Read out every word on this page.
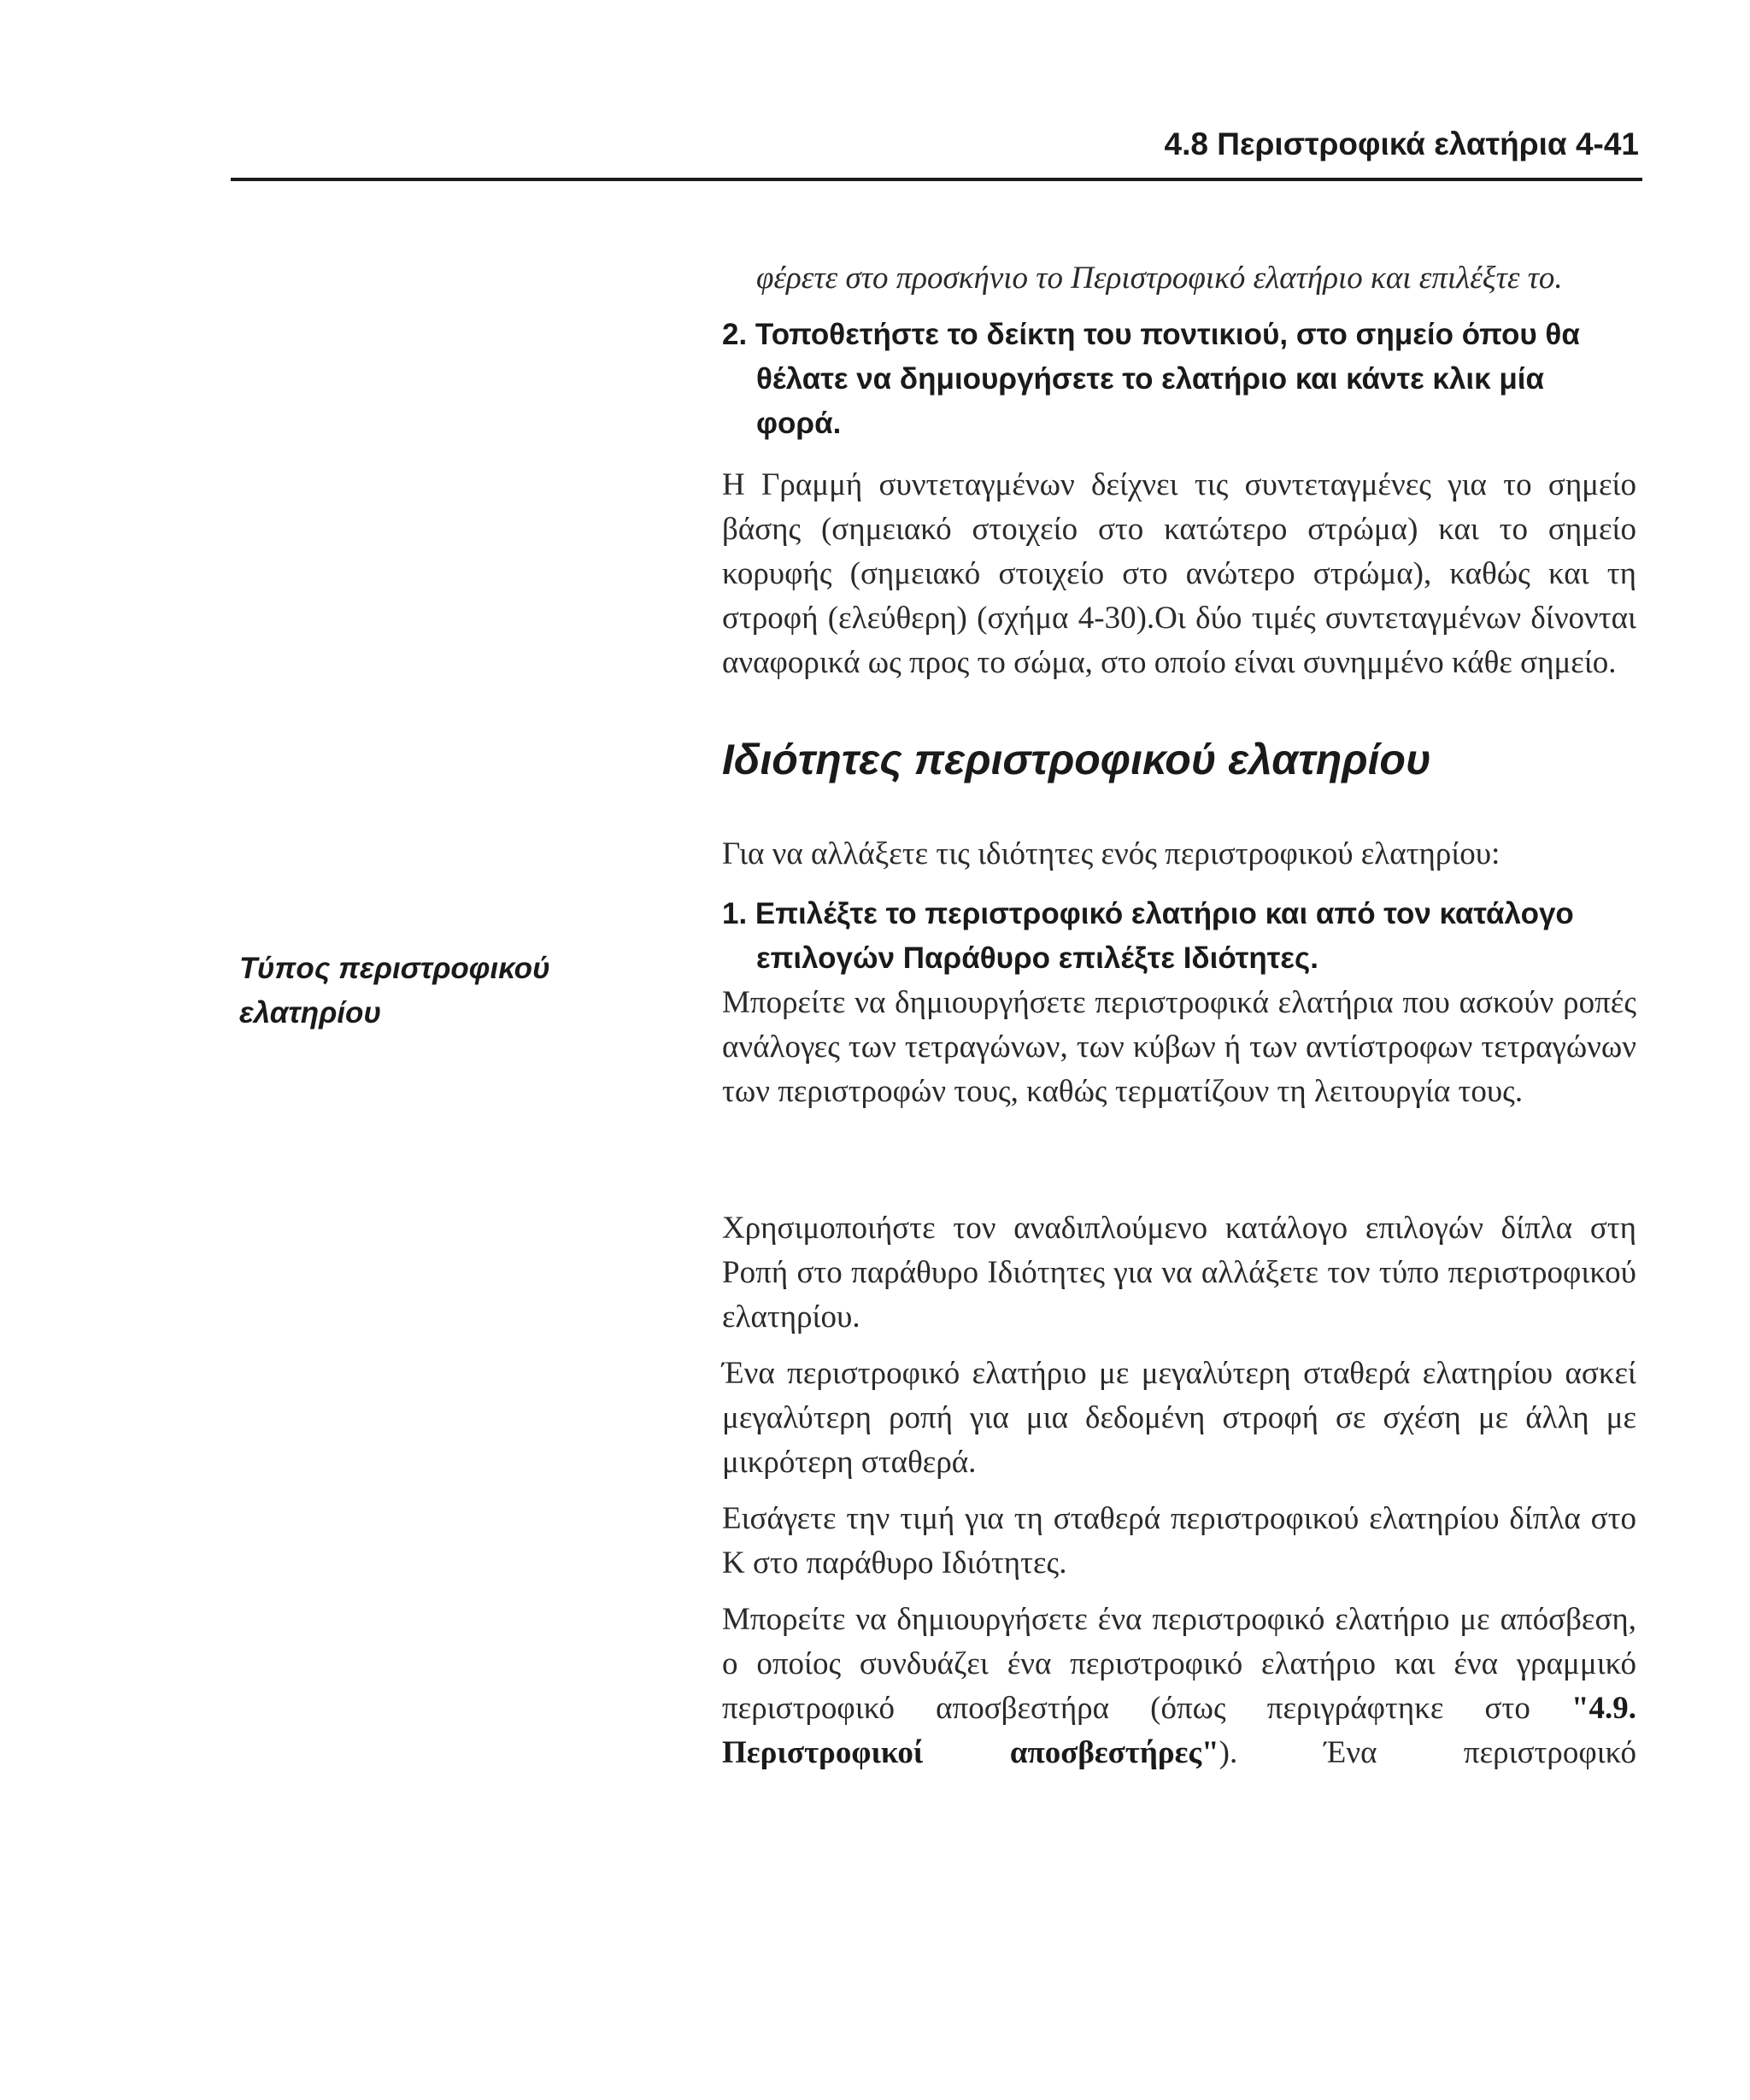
4.8 Περιστροφικά ελατήρια 4-41
Τύπος περιστροφικού
ελατηρίου

φέρετε στο προσκήνιο το Περιστροφικό ελατήριο και επιλέξτε το.

2. Τοποθετήστε το δείκτη του ποντικιού, στο σημείο όπου θα θέλατε να δημιουργήσετε το ελατήριο και κάντε κλικ μία φορά.

Η Γραμμή συντεταγμένων δείχνει τις συντεταγμένες για το σημείο βάσης (σημειακό στοιχείο στο κατώτερο στρώμα) και το σημείο κορυφής (σημειακό στοιχείο στο ανώτερο στρώμα), καθώς και τη στροφή (ελεύθερη) (σχήμα 4-30).Οι δύο τιμές συντεταγμένων δίνονται αναφορικά ως προς το σώμα, στο οποίο είναι συνημμένο κάθε σημείο.

Ιδιότητες περιστροφικού ελατηρίου

Για να αλλάξετε τις ιδιότητες ενός περιστροφικού ελατηρίου:

1. Επιλέξτε το περιστροφικό ελατήριο και από τον κατάλογο επιλογών Παράθυρο επιλέξτε Ιδιότητες.

Μπορείτε να δημιουργήσετε περιστροφικά ελατήρια που ασκούν ροπές ανάλογες των τετραγώνων, των κύβων ή των αντίστροφων τετραγώνων των περιστροφών τους, καθώς τερματίζουν τη λειτουργία τους.

Χρησιμοποιήστε τον αναδιπλούμενο κατάλογο επιλογών δίπλα στη Ροπή στο παράθυρο Ιδιότητες για να αλλάξετε τον τύπο περιστροφικού ελατηρίου.

Ένα περιστροφικό ελατήριο με μεγαλύτερη σταθερά ελατηρίου ασκεί μεγαλύτερη ροπή για μια δεδομένη στροφή σε σχέση με άλλη με μικρότερη σταθερά.

Εισάγετε την τιμή για τη σταθερά περιστροφικού ελατηρίου δίπλα στο Κ στο παράθυρο Ιδιότητες.

Μπορείτε να δημιουργήσετε ένα περιστροφικό ελατήριο με απόσβεση, ο οποίος συνδυάζει ένα περιστροφικό ελατήριο και ένα γραμμικό περιστροφικό αποσβεστήρα (όπως περιγράφτηκε στο "4.9. Περιστροφικοί αποσβεστήρες"). Ένα περιστροφικό
